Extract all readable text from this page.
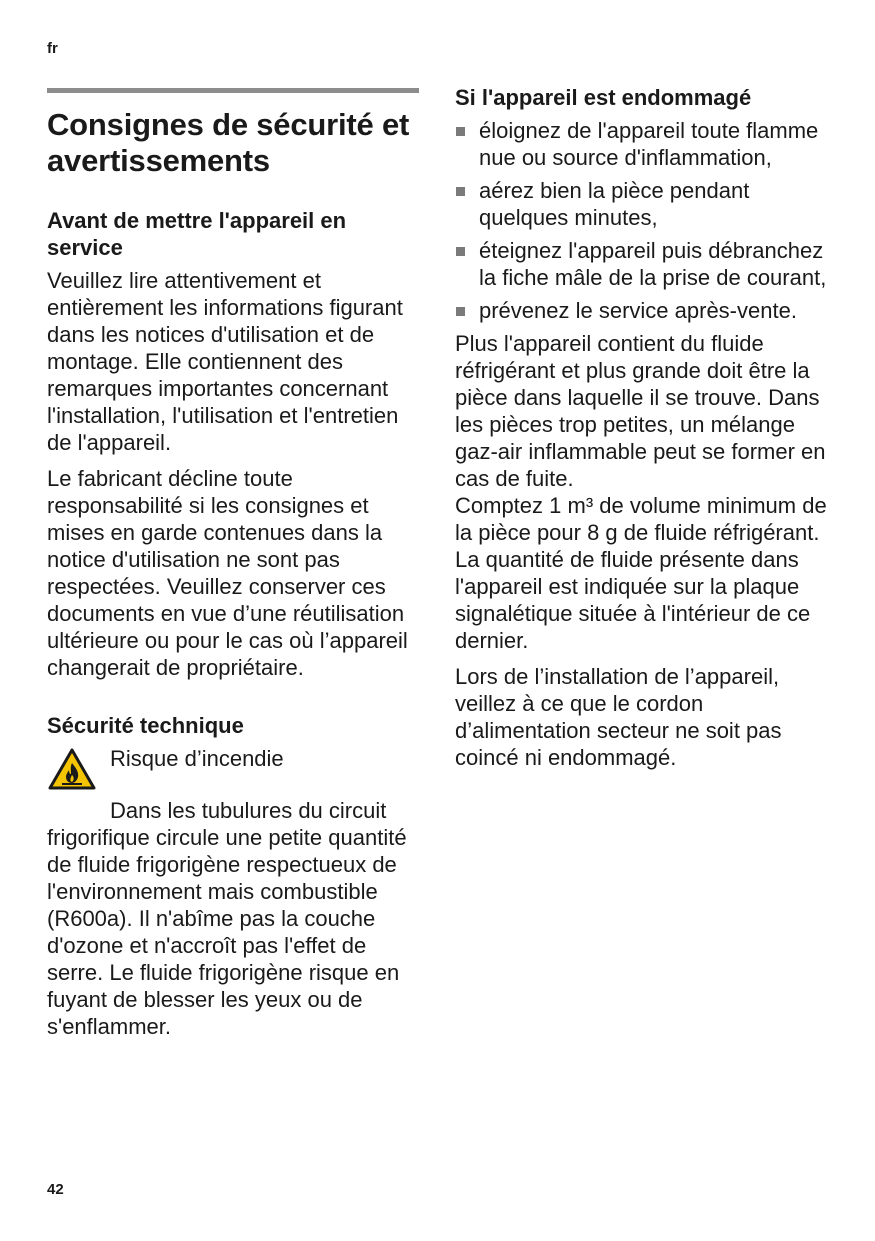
fr
Consignes de sécurité et avertissements
Avant de mettre l'appareil en service

Veuillez lire attentivement et entièrement les informations figurant dans les notices d'utilisation et de montage. Elle contiennent des remarques importantes concernant l'installation, l'utilisation et l'entretien de l'appareil.

Le fabricant décline toute responsabilité si les consignes et mises en garde contenues dans la notice d'utilisation ne sont pas respectées. Veuillez conserver ces documents en vue d’une réutilisation ultérieure ou pour le cas où l’appareil changerait de propriétaire.

Sécurité technique
Risque d’incendie
Dans les tubulures du circuit frigorifique circule une petite quantité de fluide frigorigène respectueux de l'environnement mais combustible (R600a). Il n'abîme pas la couche d'ozone et n'accroît pas l'effet de serre. Le fluide frigorigène risque en fuyant de blesser les yeux ou de s'enflammer.
Si l'appareil est endommagé
éloignez de l'appareil toute flamme nue ou source d'inflammation,
aérez bien la pièce pendant quelques minutes,
éteignez l'appareil puis débranchez la fiche mâle de la prise de courant,
prévenez le service après-vente.

Plus l'appareil contient du fluide réfrigérant et plus grande doit être la pièce dans laquelle il se trouve. Dans les pièces trop petites, un mélange gaz-air inflammable peut se former en cas de fuite.

Comptez 1 m³ de volume minimum de la pièce pour 8 g de fluide réfrigérant. La quantité de fluide présente dans l'appareil est indiquée sur la plaque signalétique située à l'intérieur de ce dernier.

Lors de l’installation de l’appareil, veillez à ce que le cordon d’alimentation secteur ne soit pas coincé ni endommagé.

42
